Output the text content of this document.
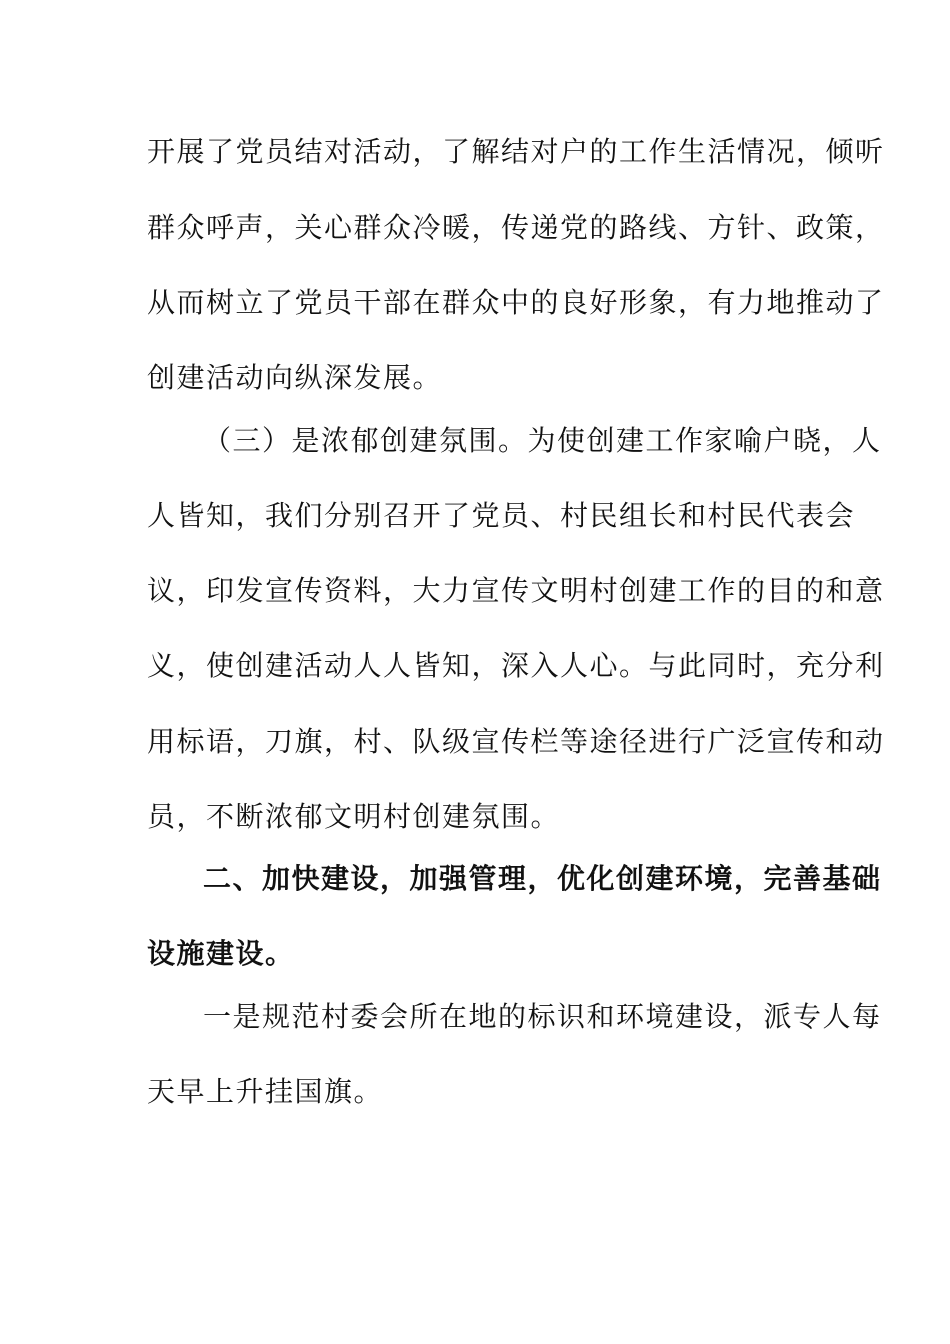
开展了党员结对活动，了解结对户的工作生活情况，倾听
群众呼声，关心群众冷暖，传递党的路线、方针、政策，
从而树立了党员干部在群众中的良好形象，有力地推动了
创建活动向纵深发展。
（三）是浓郁创建氛围。为使创建工作家喻户晓，人
人皆知，我们分别召开了党员、村民组长和村民代表会
议，印发宣传资料，大力宣传文明村创建工作的目的和意
义，使创建活动人人皆知，深入人心。与此同时，充分利
用标语，刀旗，村、队级宣传栏等途径进行广泛宣传和动
员，不断浓郁文明村创建氛围。
二、加快建设，加强管理，优化创建环境，完善基础
设施建设。
一是规范村委会所在地的标识和环境建设，派专人每
天早上升挂国旗。
